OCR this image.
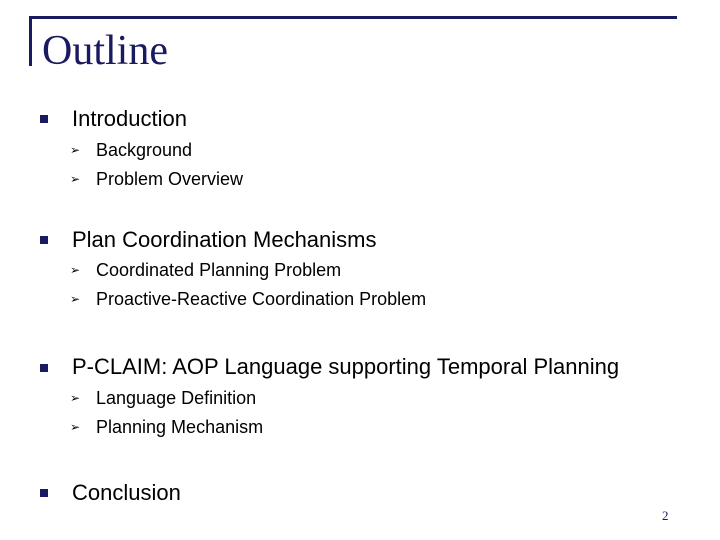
Outline
Introduction
➢ Background
➢ Problem Overview
Plan Coordination Mechanisms
➢ Coordinated Planning Problem
➢ Proactive-Reactive Coordination Problem
P-CLAIM: AOP Language supporting Temporal Planning
➢ Language Definition
➢ Planning Mechanism
Conclusion
2
